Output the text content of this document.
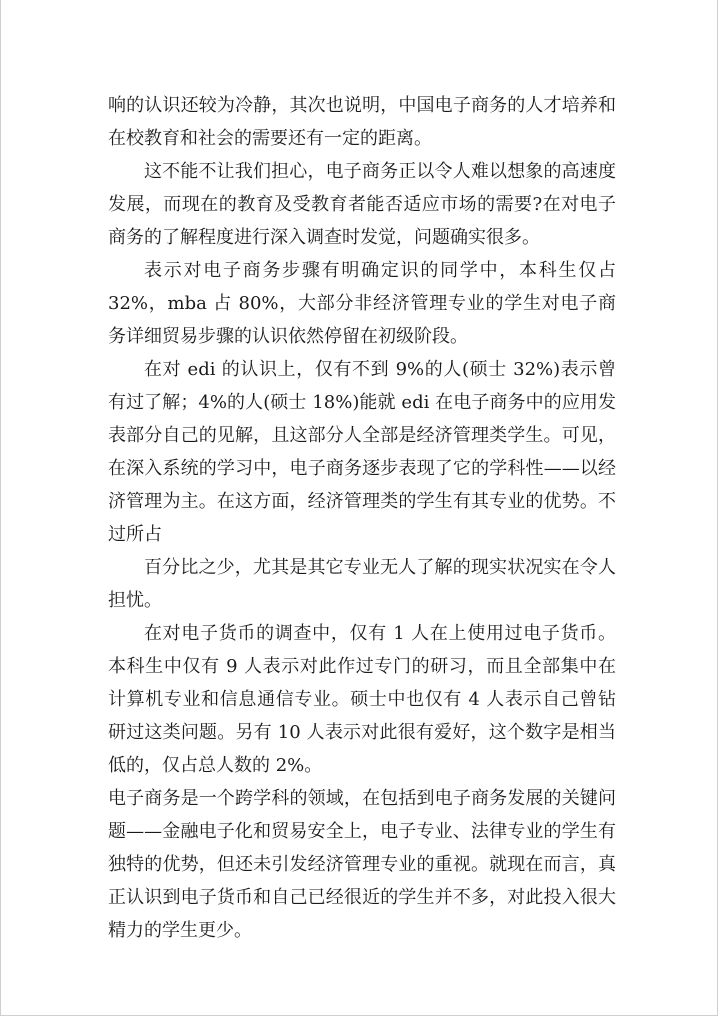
响的认识还较为冷静，其次也说明，中国电子商务的人才培养和在校教育和社会的需要还有一定的距离。

这不能不让我们担心，电子商务正以令人难以想象的高速度发展，而现在的教育及受教育者能否适应市场的需要?在对电子商务的了解程度进行深入调查时发觉，问题确实很多。

表示对电子商务步骤有明确定识的同学中，本科生仅占 32%，mba 占 80%，大部分非经济管理专业的学生对电子商务详细贸易步骤的认识依然停留在初级阶段。

在对 edi 的认识上，仅有不到 9%的人(硕士 32%)表示曾有过了解；4%的人(硕士 18%)能就 edi 在电子商务中的应用发表部分自己的见解，且这部分人全部是经济管理类学生。可见，在深入系统的学习中，电子商务逐步表现了它的学科性——以经济管理为主。在这方面，经济管理类的学生有其专业的优势。不过所占

百分比之少，尤其是其它专业无人了解的现实状况实在令人担忧。

在对电子货币的调查中，仅有 1 人在上使用过电子货币。本科生中仅有 9 人表示对此作过专门的研习，而且全部集中在计算机专业和信息通信专业。硕士中也仅有 4 人表示自己曾钻研过这类问题。另有 10 人表示对此很有爱好，这个数字是相当低的，仅占总人数的 2%。

电子商务是一个跨学科的领域，在包括到电子商务发展的关键问题——金融电子化和贸易安全上，电子专业、法律专业的学生有独特的优势，但还未引发经济管理专业的重视。就现在而言，真正认识到电子货币和自己已经很近的学生并不多，对此投入很大精力的学生更少。
